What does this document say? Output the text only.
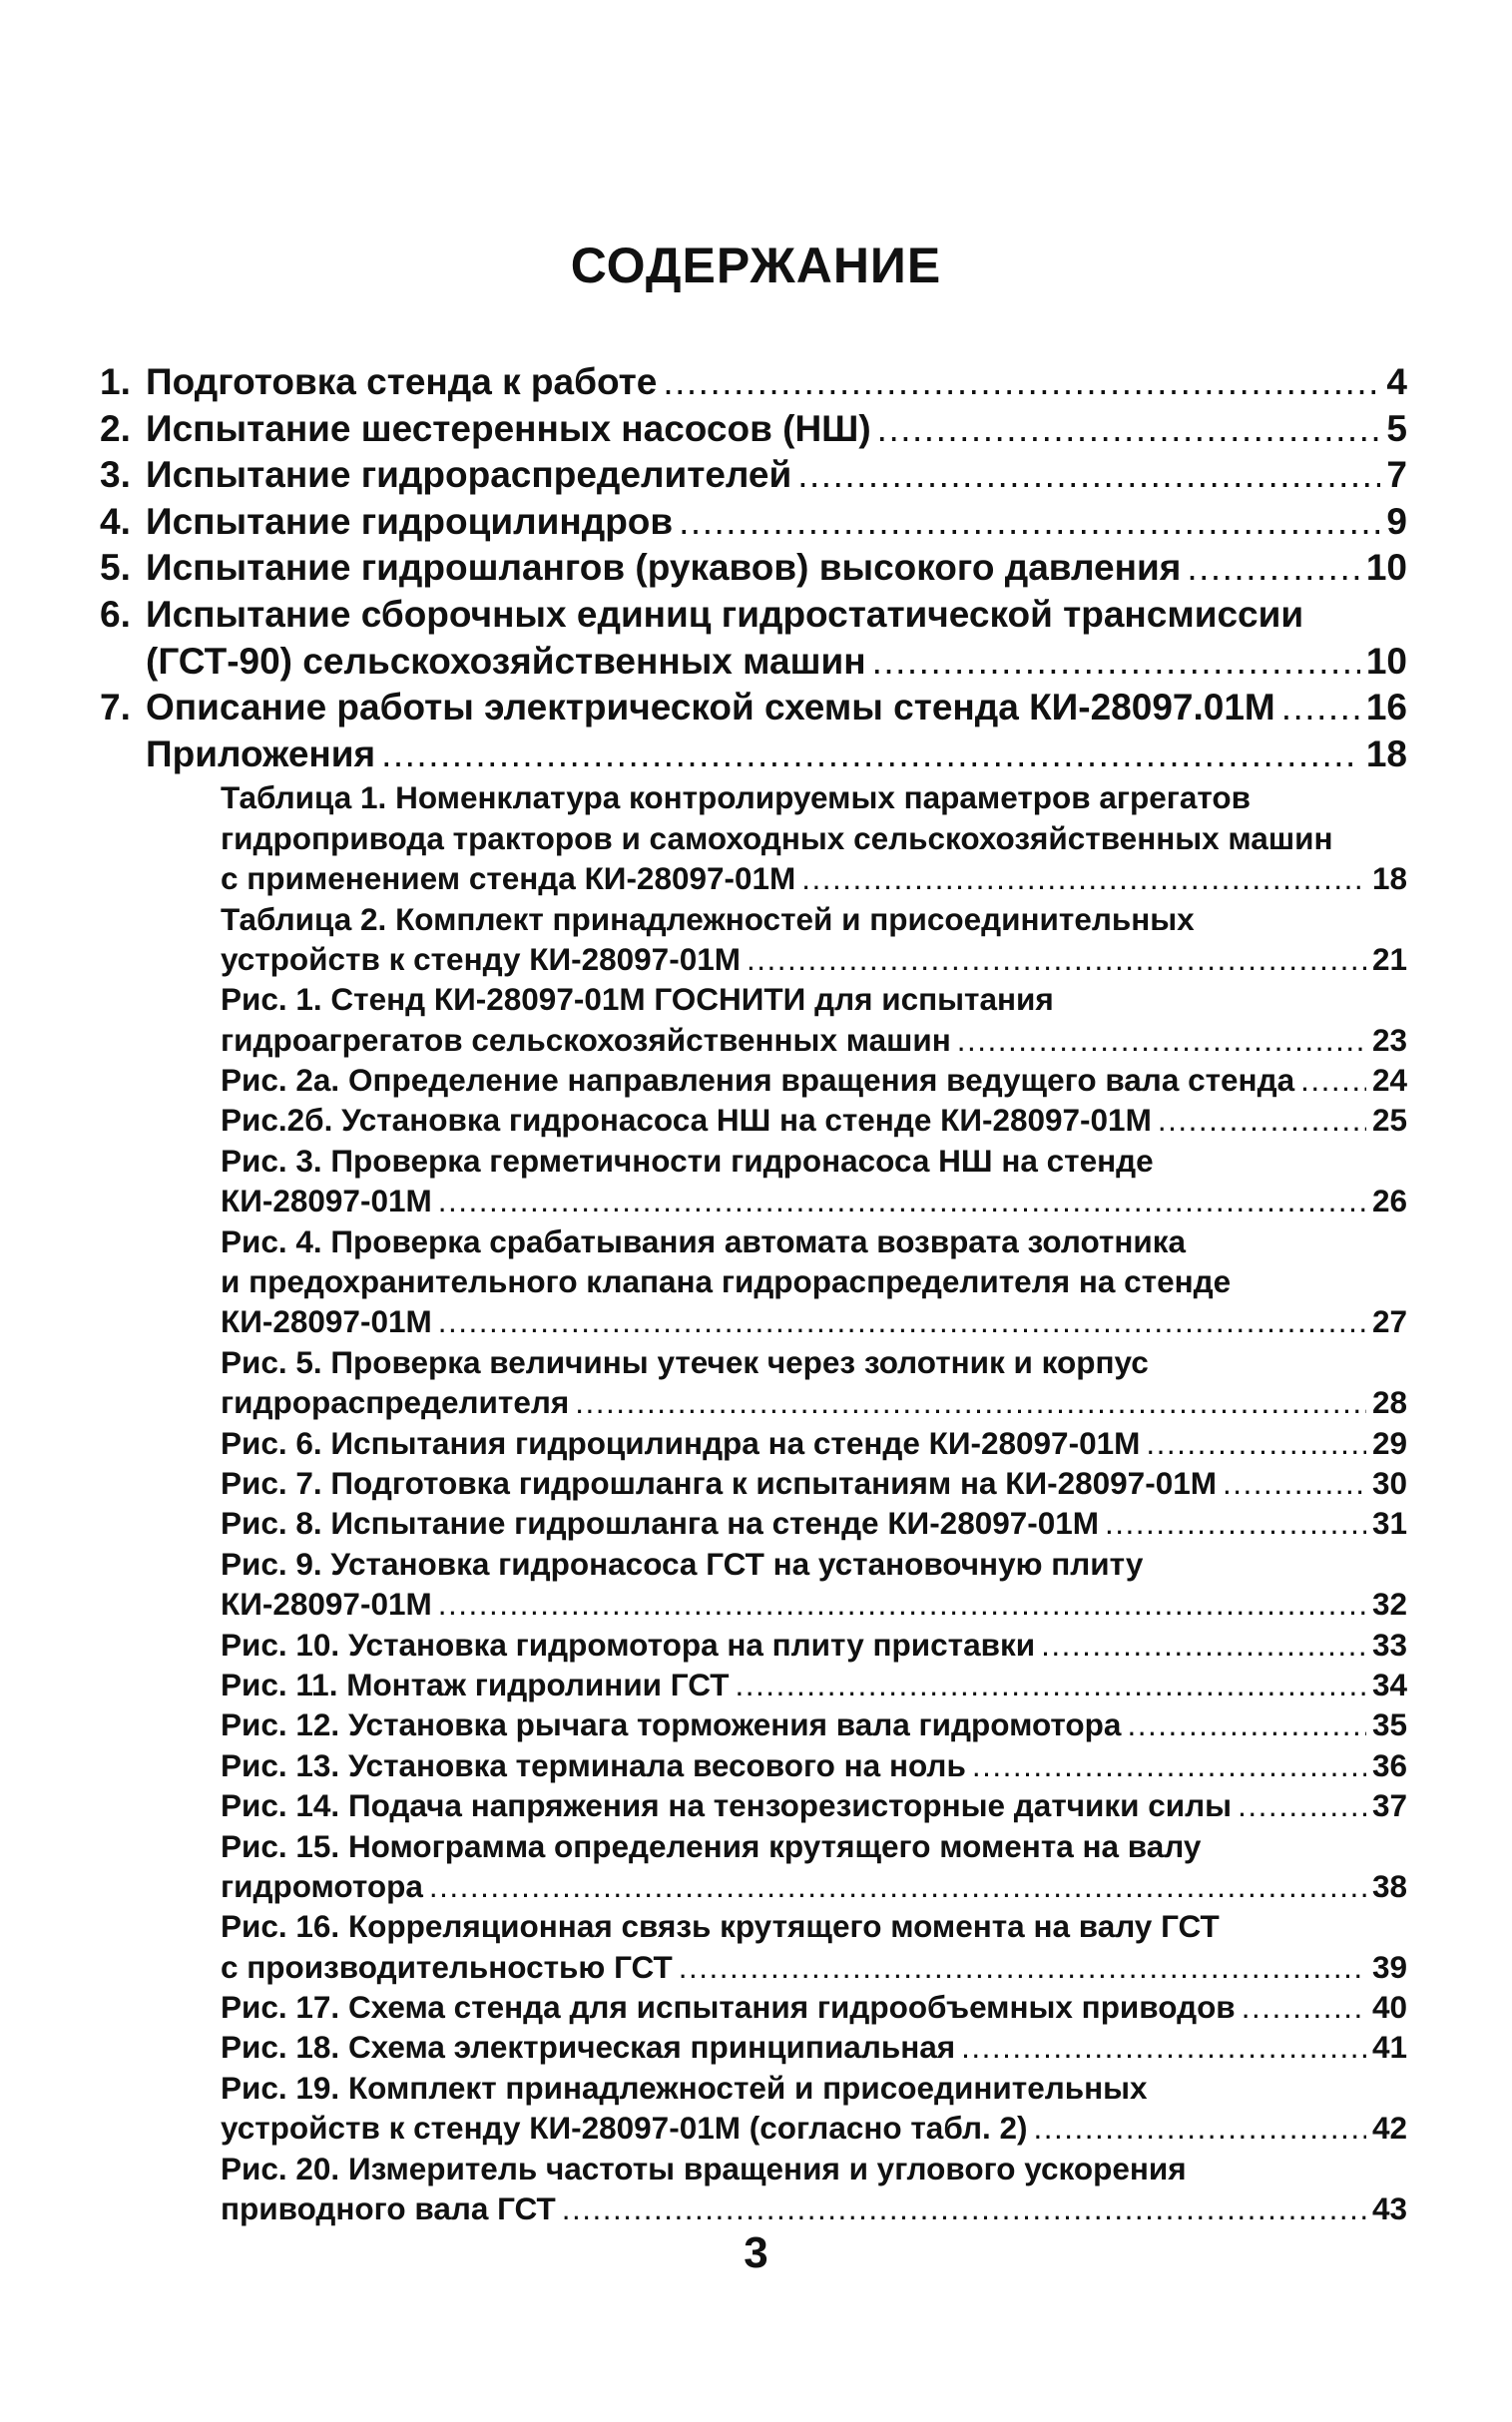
СОДЕРЖАНИЕ
1. Подготовка стенда к работе .....	4
2. Испытание шестеренных насосов (НШ) .....	5
3. Испытание гидрораспределителей .....	7
4. Испытание гидроцилиндров .....	9
5. Испытание гидрошлангов (рукавов) высокого давления .....	10
6. Испытание сборочных единиц гидростатической трансмиссии
(ГСТ-90) сельскохозяйственных машин .....	10
7. Описание работы электрической схемы стенда КИ-28097.01М ..... 16
Приложения .....	18
Таблица 1. Номенклатура контролируемых параметров агрегатов
гидропривода тракторов и самоходных сельскохозяйственных машин
с применением стенда КИ-28097-01М .....	18
Таблица 2. Комплект принадлежностей и присоединительных
устройств к стенду КИ-28097-01М .....	21
Рис. 1. Стенд КИ-28097-01М ГОСНИТИ для испытания
гидроагрегатов сельскохозяйственных машин .....	23
Рис. 2а. Определение направления вращения ведущего вала стенда ..... 24
Рис.2б. Установка гидронасоса НШ на стенде КИ-28097-01М .....	25
Рис. 3. Проверка герметичности гидронасоса НШ на стенде
КИ-28097-01М .....	26
Рис. 4. Проверка срабатывания автомата возврата золотника
и предохранительного клапана гидрораспределителя на стенде
КИ-28097-01М .....	27
Рис. 5. Проверка величины утечек через золотник и корпус
гидрораспределителя .....	28
Рис. 6. Испытания гидроцилиндра на стенде КИ-28097-01М .....	29
Рис. 7. Подготовка гидрошланга к испытаниям на КИ-28097-01М .....	30
Рис. 8. Испытание гидрошланга на стенде КИ-28097-01М .....	31
Рис. 9. Установка гидронасоса ГСТ на установочную плиту
КИ-28097-01М .....	32
Рис. 10. Установка гидромотора на плиту приставки .....	33
Рис. 11. Монтаж гидролинии ГСТ .....	34
Рис. 12. Установка рычага торможения вала гидромотора .....	35
Рис. 13. Установка терминала весового на ноль .....	36
Рис. 14. Подача напряжения на тензорезисторные датчики силы .....	37
Рис. 15. Номограмма определения крутящего момента на валу
гидромотора .....	38
Рис. 16. Корреляционная связь крутящего момента на валу ГСТ
с производительностью ГСТ .....	39
Рис. 17. Схема стенда для испытания гидрообъемных приводов .....	40
Рис. 18. Схема электрическая принципиальная .....	41
Рис. 19. Комплект принадлежностей и присоединительных
устройств к стенду КИ-28097-01М (согласно табл. 2) .....	42
Рис. 20. Измеритель частоты вращения и углового ускорения
приводного вала ГСТ .....	43
3
